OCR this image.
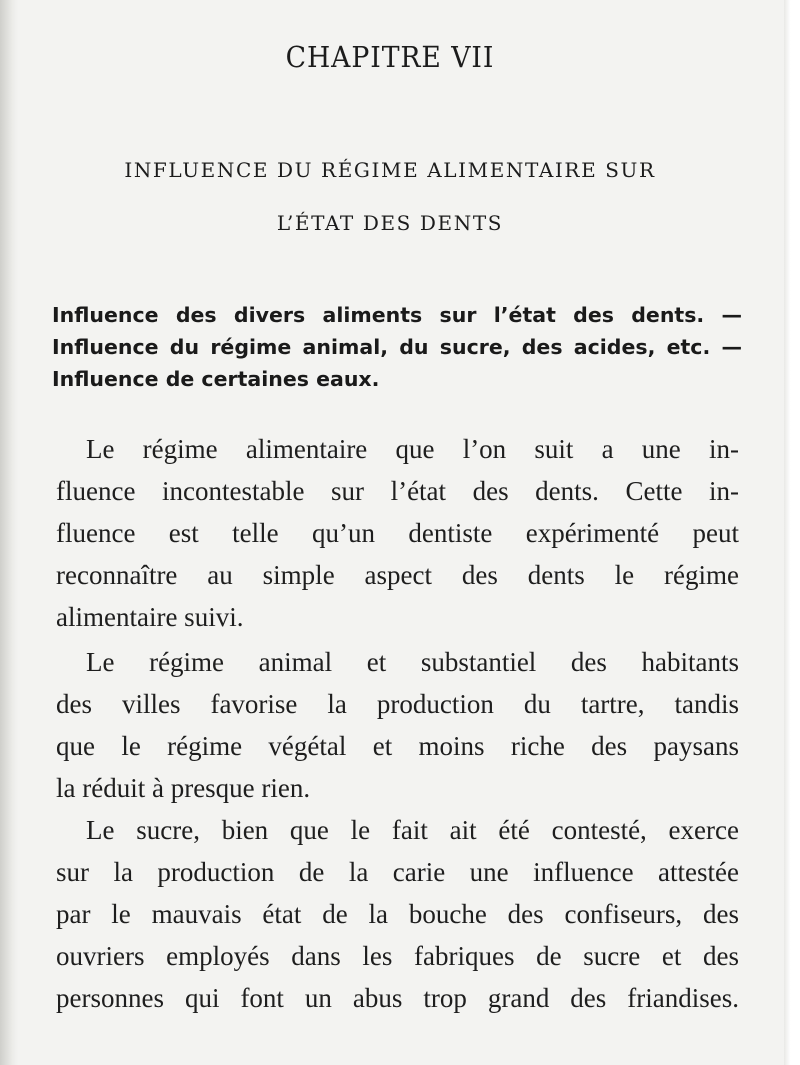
CHAPITRE VII
INFLUENCE DU RÉGIME ALIMENTAIRE SUR
L’ÉTAT DES DENTS
Influence des divers aliments sur l’état des dents. — Influence du régime animal, du sucre, des acides, etc. — Influence de certaines eaux.
Le régime alimentaire que l’on suit a une in-
fluence incontestable sur l’état des dents. Cette in-
fluence est telle qu’un dentiste expérimenté peut
reconnaître au simple aspect des dents le régime
alimentaire suivi.
Le régime animal et substantiel des habitants
des villes favorise la production du tartre, tandis
que le régime végétal et moins riche des paysans
la réduit à presque rien.
Le sucre, bien que le fait ait été contesté, exerce
sur la production de la carie une influence attestée
par le mauvais état de la bouche des confiseurs, des
ouvriers employés dans les fabriques de sucre et des
personnes qui font un abus trop grand des friandises.
